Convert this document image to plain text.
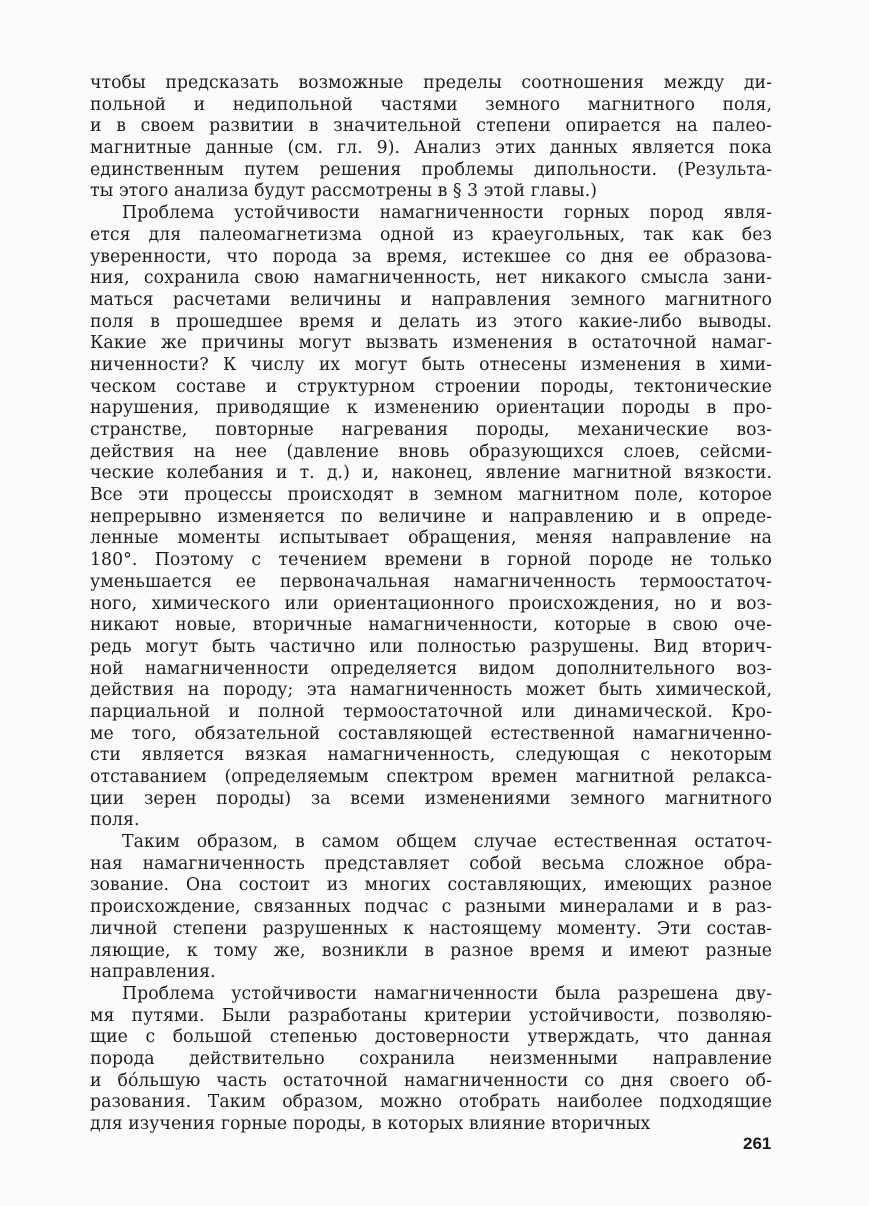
чтобы предсказать возможные пределы соотношения между ди-
польной и недипольной частями земного магнитного поля,
и в своем развитии в значительной степени опирается на палео-
магнитные данные (см. гл. 9). Анализ этих данных является пока
единственным путем решения проблемы дипольности. (Результа-
ты этого анализа будут рассмотрены в § 3 этой главы.)
Проблема устойчивости намагниченности горных пород явля-
ется для палеомагнетизма одной из краеугольных, так как без
уверенности, что порода за время, истекшее со дня ее образова-
ния, сохранила свою намагниченность, нет никакого смысла зани-
маться расчетами величины и направления земного магнитного
поля в прошедшее время и делать из этого какие-либо выводы.
Какие же причины могут вызвать изменения в остаточной намаг-
ниченности? К числу их могут быть отнесены изменения в хими-
ческом составе и структурном строении породы, тектонические
нарушения, приводящие к изменению ориентации породы в про-
странстве, повторные нагревания породы, механические воз-
действия на нее (давление вновь образующихся слоев, сейсми-
ческие колебания и т. д.) и, наконец, явление магнитной вязкости.
Все эти процессы происходят в земном магнитном поле, которое
непрерывно изменяется по величине и направлению и в опреде-
ленные моменты испытывает обращения, меняя направление на
180°. Поэтому с течением времени в горной породе не только
уменьшается ее первоначальная намагниченность термоостаточ-
ного, химического или ориентационного происхождения, но и воз-
никают новые, вторичные намагниченности, которые в свою оче-
редь могут быть частично или полностью разрушены. Вид вторич-
ной намагниченности определяется видом дополнительного воз-
действия на породу; эта намагниченность может быть химической,
парциальной и полной термоостаточной или динамической. Кро-
ме того, обязательной составляющей естественной намагниченно-
сти является вязкая намагниченность, следующая с некоторым
отставанием (определяемым спектром времен магнитной релакса-
ции зерен породы) за всеми изменениями земного магнитного
поля.
Таким образом, в самом общем случае естественная остаточ-
ная намагниченность представляет собой весьма сложное обра-
зование. Она состоит из многих составляющих, имеющих разное
происхождение, связанных подчас с разными минералами и в раз-
личной степени разрушенных к настоящему моменту. Эти состав-
ляющие, к тому же, возникли в разное время и имеют разные
направления.
Проблема устойчивости намагниченности была разрешена дву-
мя путями. Были разработаны критерии устойчивости, позволяю-
щие с большой степенью достоверности утверждать, что данная
порода действительно сохранила неизменными направление
и бо́льшую часть остаточной намагниченности со дня своего об-
разования. Таким образом, можно отобрать наиболее подходящие
для изучения горные породы, в которых влияние вторичных
261
